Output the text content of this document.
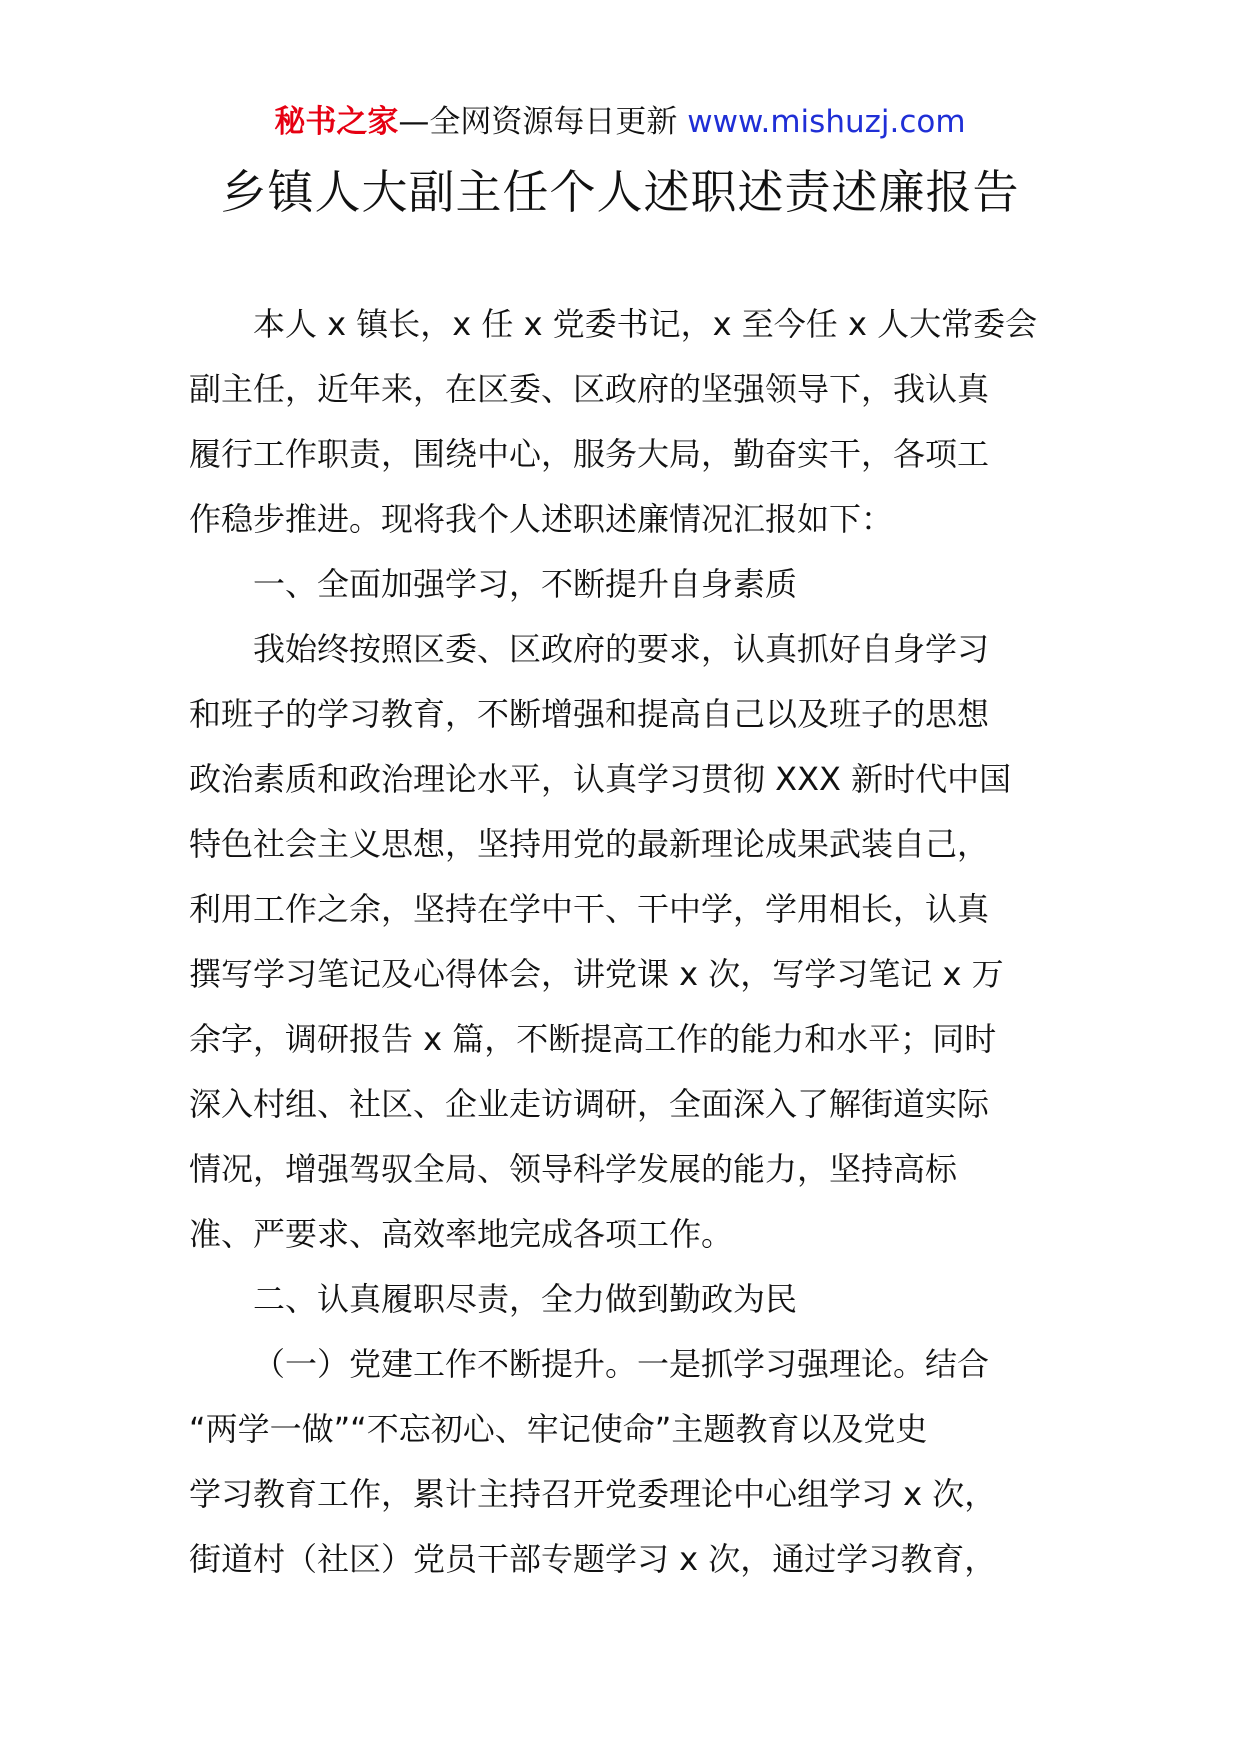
秘书之家—全网资源每日更新 www.mishuzj.com
乡镇人大副主任个人述职述责述廉报告
本人 x 镇长，x 任 x 党委书记，x 至今任 x 人大常委会
副主任，近年来，在区委、区政府的坚强领导下，我认真
履行工作职责，围绕中心，服务大局，勤奋实干，各项工
作稳步推进。现将我个人述职述廉情况汇报如下：
一、全面加强学习，不断提升自身素质
我始终按照区委、区政府的要求，认真抓好自身学习
和班子的学习教育，不断增强和提高自己以及班子的思想
政治素质和政治理论水平，认真学习贯彻 XXX 新时代中国
特色社会主义思想，坚持用党的最新理论成果武装自己，
利用工作之余，坚持在学中干、干中学，学用相长，认真
撰写学习笔记及心得体会，讲党课 x 次，写学习笔记 x 万
余字，调研报告 x 篇，不断提高工作的能力和水平；同时
深入村组、社区、企业走访调研，全面深入了解街道实际
情况，增强驾驭全局、领导科学发展的能力，坚持高标
准、严要求、高效率地完成各项工作。
二、认真履职尽责，全力做到勤政为民
（一）党建工作不断提升。一是抓学习强理论。结合
“两学一做”“不忘初心、牢记使命”主题教育以及党史
学习教育工作，累计主持召开党委理论中心组学习 x 次，
街道村（社区）党员干部专题学习 x 次，通过学习教育，
